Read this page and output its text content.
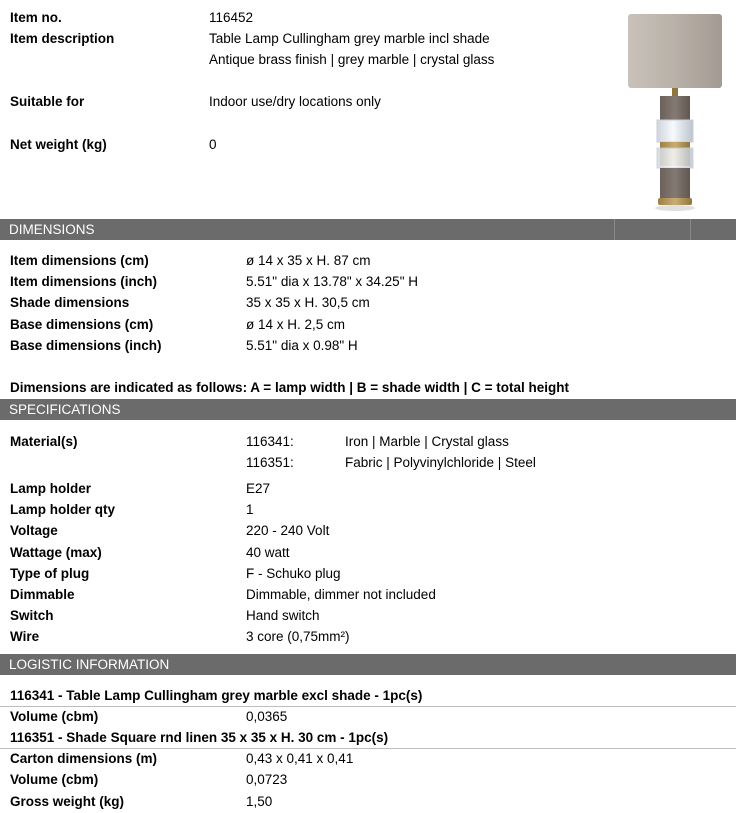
Item no.	116452
Item description	Table Lamp Cullingham grey marble incl shade
Antique brass finish | grey marble | crystal glass
Suitable for	Indoor use/dry locations only
Net weight (kg)	0
DIMENSIONS
Item dimensions (cm)	ø 14 x 35 x H. 87 cm
Item dimensions (inch)	5.51" dia x 13.78" x 34.25" H
Shade dimensions	35 x 35 x H. 30,5 cm
Base dimensions (cm)	ø 14 x H. 2,5 cm
Base dimensions (inch)	5.51" dia x 0.98" H
Dimensions are indicated as follows: A = lamp width | B = shade width | C = total height
SPECIFICATIONS
Material(s)	116341:	Iron | Marble | Crystal glass
116351:	Fabric | Polyvinylchloride | Steel
Lamp holder	E27
Lamp holder qty	1
Voltage	220 - 240 Volt
Wattage (max)	40 watt
Type of plug	F - Schuko plug
Dimmable	Dimmable, dimmer not included
Switch	Hand switch
Wire	3 core (0,75mm²)
LOGISTIC INFORMATION
116341 - Table Lamp Cullingham grey marble excl shade - 1pc(s)
Volume (cbm)	0,0365
116351 - Shade Square rnd linen 35 x 35 x H. 30 cm - 1pc(s)
Carton dimensions (m)	0,43 x 0,41 x 0,41
Volume (cbm)	0,0723
Gross weight (kg)	1,50
